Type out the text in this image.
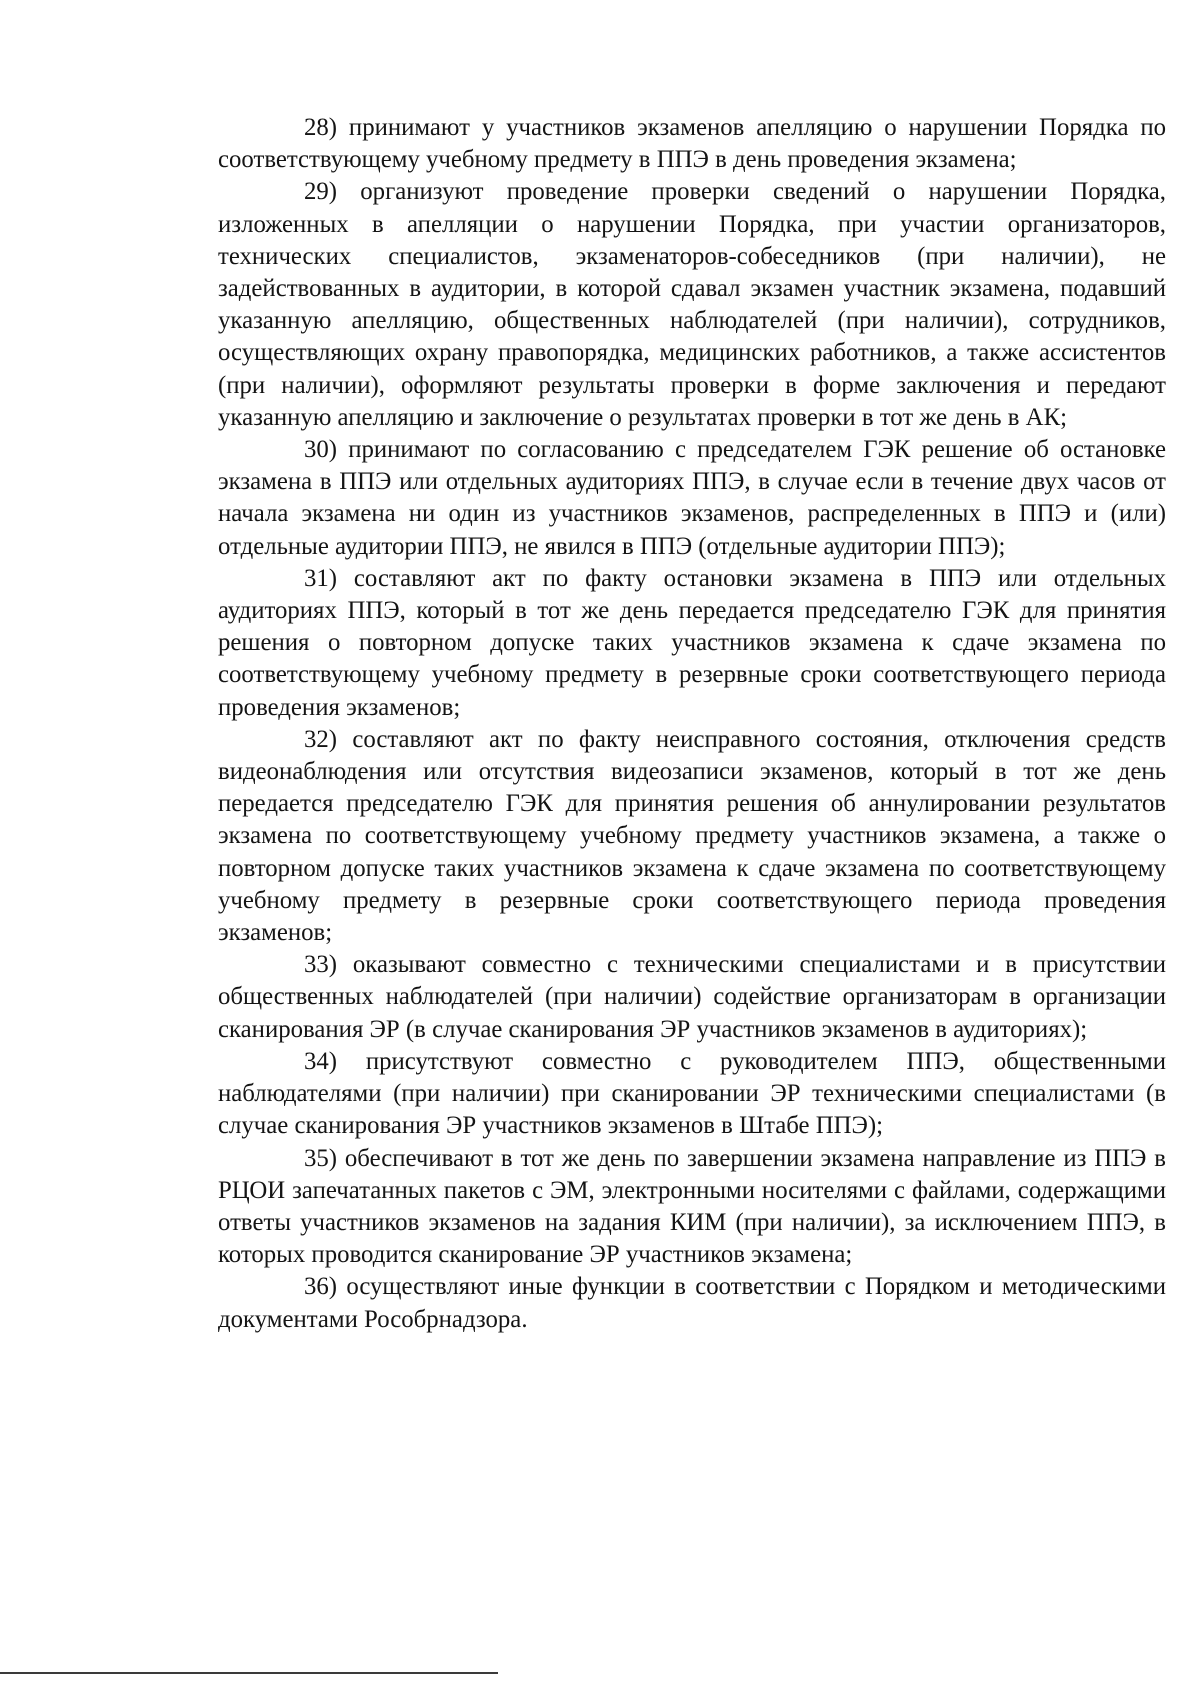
28) принимают у участников экзаменов апелляцию о нарушении Порядка по соответствующему учебному предмету в ППЭ в день проведения экзамена;

29) организуют проведение проверки сведений о нарушении Порядка, изложенных в апелляции о нарушении Порядка, при участии организаторов, технических специалистов, экзаменаторов-собеседников (при наличии), не задействованных в аудитории, в которой сдавал экзамен участник экзамена, подавший указанную апелляцию, общественных наблюдателей (при наличии), сотрудников, осуществляющих охрану правопорядка, медицинских работников, а также ассистентов (при наличии), оформляют результаты проверки в форме заключения и передают указанную апелляцию и заключение о результатах проверки в тот же день в АК;

30) принимают по согласованию с председателем ГЭК решение об остановке экзамена в ППЭ или отдельных аудиториях ППЭ, в случае если в течение двух часов от начала экзамена ни один из участников экзаменов, распределенных в ППЭ и (или) отдельные аудитории ППЭ, не явился в ППЭ (отдельные аудитории ППЭ);

31) составляют акт по факту остановки экзамена в ППЭ или отдельных аудиториях ППЭ, который в тот же день передается председателю ГЭК для принятия решения о повторном допуске таких участников экзамена к сдаче экзамена по соответствующему учебному предмету в резервные сроки соответствующего периода проведения экзаменов;

32) составляют акт по факту неисправного состояния, отключения средств видеонаблюдения или отсутствия видеозаписи экзаменов, который в тот же день передается председателю ГЭК для принятия решения об аннулировании результатов экзамена по соответствующему учебному предмету участников экзамена, а также о повторном допуске таких участников экзамена к сдаче экзамена по соответствующему учебному предмету в резервные сроки соответствующего периода проведения экзаменов;

33) оказывают совместно с техническими специалистами и в присутствии общественных наблюдателей (при наличии) содействие организаторам в организации сканирования ЭР (в случае сканирования ЭР участников экзаменов в аудиториях);

34) присутствуют совместно с руководителем ППЭ, общественными наблюдателями (при наличии) при сканировании ЭР техническими специалистами (в случае сканирования ЭР участников экзаменов в Штабе ППЭ);

35) обеспечивают в тот же день по завершении экзамена направление из ППЭ в РЦОИ запечатанных пакетов с ЭМ, электронными носителями с файлами, содержащими ответы участников экзаменов на задания КИМ (при наличии), за исключением ППЭ, в которых проводится сканирование ЭР участников экзамена;

36) осуществляют иные функции в соответствии с Порядком и методическими документами Рособрнадзора.
